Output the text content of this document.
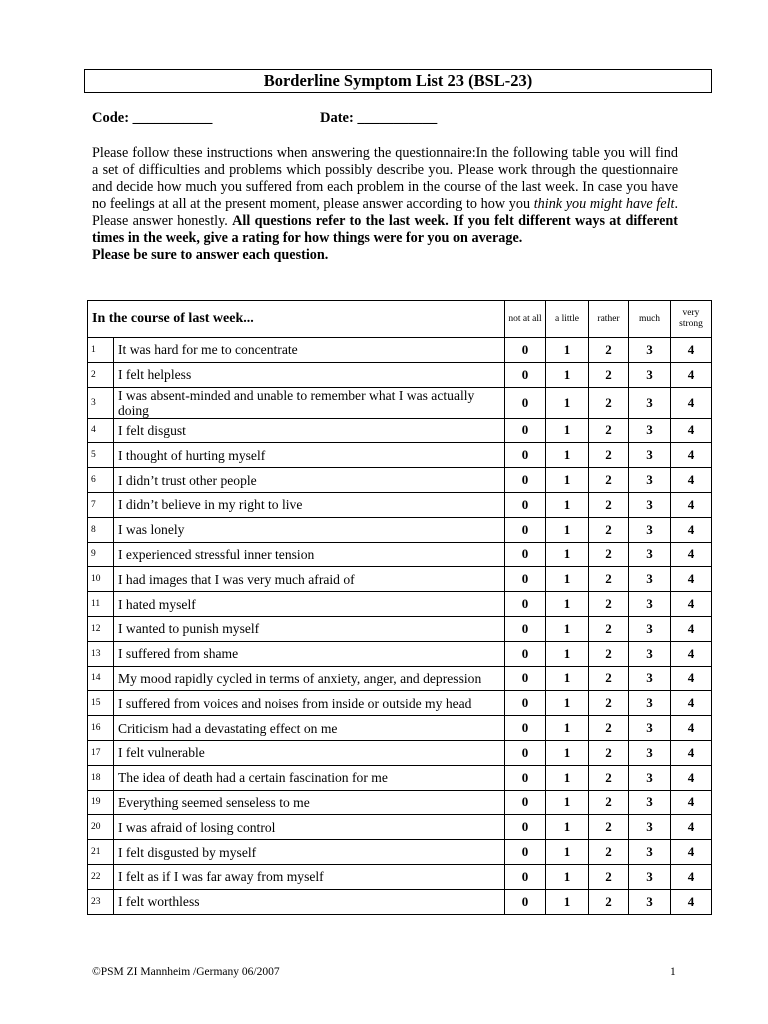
Borderline Symptom List 23 (BSL-23)
Code: ___________	Date: ___________
Please follow these instructions when answering the questionnaire:In the following table you will find a set of difficulties and problems which possibly describe you. Please work through the questionnaire and decide how much you suffered from each problem in the course of the last week. In case you have no feelings at all at the present moment, please answer according to how you think you might have felt. Please answer honestly. All questions refer to the last week. If you felt different ways at different times in the week, give a rating for how things were for you on average.
Please be sure to answer each question.
In the course of last week...		not at all	a little	rather	much	very strong
1	It was hard for me to concentrate	0	1	2	3	4
2	I felt helpless	0	1	2	3	4
3	I was absent-minded and unable to remember what I was actually doing	0	1	2	3	4
4	I felt disgust	0	1	2	3	4
5	I thought of hurting myself	0	1	2	3	4
6	I didn’t trust other people	0	1	2	3	4
7	I didn’t believe in my right to live	0	1	2	3	4
8	I was lonely	0	1	2	3	4
9	I experienced stressful inner tension	0	1	2	3	4
10	I had images that I was very much afraid of	0	1	2	3	4
11	I hated myself	0	1	2	3	4
12	I wanted to punish myself	0	1	2	3	4
13	I suffered from shame	0	1	2	3	4
14	My mood rapidly cycled in terms of anxiety, anger, and depression	0	1	2	3	4
15	I suffered from voices and noises from inside or outside my head	0	1	2	3	4
16	Criticism had a devastating effect on me	0	1	2	3	4
17	I felt vulnerable	0	1	2	3	4
18	The idea of death had a certain fascination for me	0	1	2	3	4
19	Everything seemed senseless to me	0	1	2	3	4
20	I was afraid of losing control	0	1	2	3	4
21	I felt disgusted by myself	0	1	2	3	4
22	I felt as if I was far away from myself	0	1	2	3	4
23	I felt worthless	0	1	2	3	4
©PSM ZI Mannheim /Germany 06/2007	1
